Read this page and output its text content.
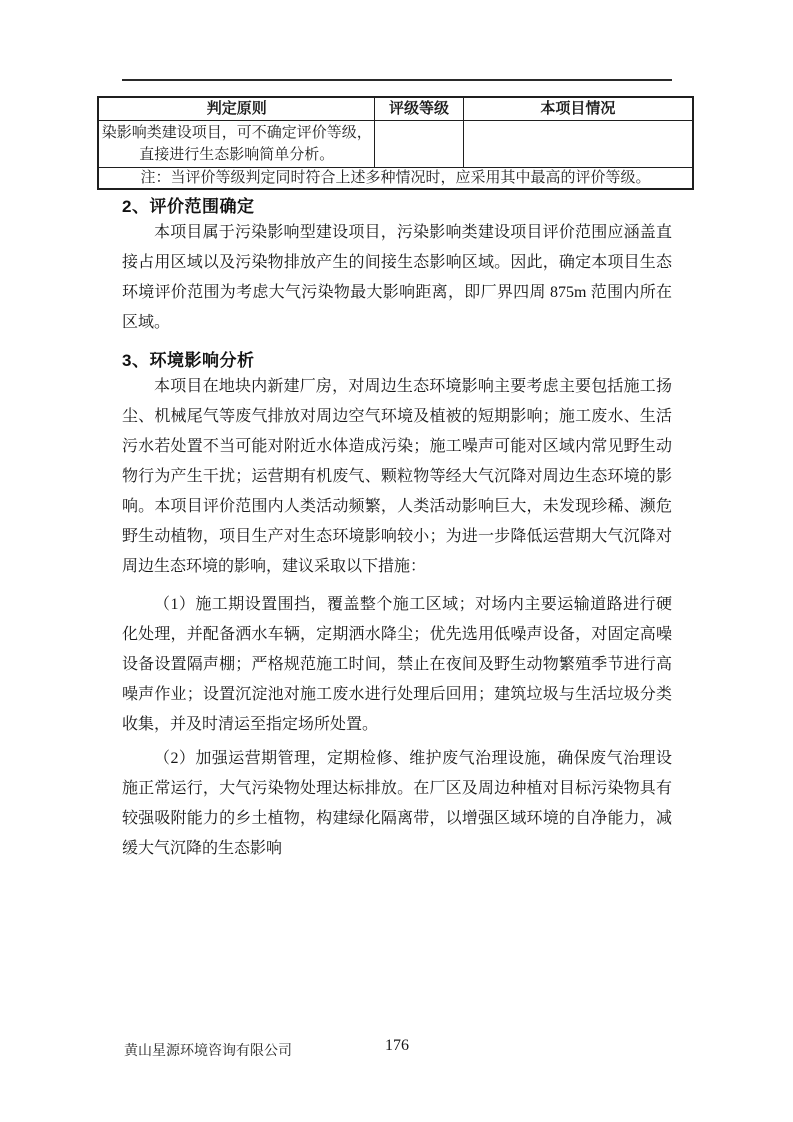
判定原则	评级等级	本项目情况
染影响类建设项目，可不确定评价等级，直接进行生态影响简单分析。		
注：当评价等级判定同时符合上述多种情况时，应采用其中最高的评价等级。		
2、评价范围确定

本项目属于污染影响型建设项目，污染影响类建设项目评价范围应涵盖直接占用区域以及污染物排放产生的间接生态影响区域。因此，确定本项目生态环境评价范围为考虑大气污染物最大影响距离，即厂界四周 875m 范围内所在区域。

3、环境影响分析

本项目在地块内新建厂房，对周边生态环境影响主要考虑主要包括施工扬尘、机械尾气等废气排放对周边空气环境及植被的短期影响；施工废水、生活污水若处置不当可能对附近水体造成污染；施工噪声可能对区域内常见野生动物行为产生干扰；运营期有机废气、颗粒物等经大气沉降对周边生态环境的影响。本项目评价范围内人类活动频繁，人类活动影响巨大，未发现珍稀、濒危野生动植物，项目生产对生态环境影响较小；为进一步降低运营期大气沉降对周边生态环境的影响，建议采取以下措施：

（1）施工期设置围挡，覆盖整个施工区域；对场内主要运输道路进行硬化处理，并配备洒水车辆，定期洒水降尘；优先选用低噪声设备，对固定高噪设备设置隔声棚；严格规范施工时间，禁止在夜间及野生动物繁殖季节进行高噪声作业；设置沉淀池对施工废水进行处理后回用；建筑垃圾与生活垃圾分类收集，并及时清运至指定场所处置。

（2）加强运营期管理，定期检修、维护废气治理设施，确保废气治理设施正常运行，大气污染物处理达标排放。在厂区及周边种植对目标污染物具有较强吸附能力的乡土植物，构建绿化隔离带，以增强区域环境的自净能力，减缓大气沉降的生态影响

黄山星源环境咨询有限公司	176
